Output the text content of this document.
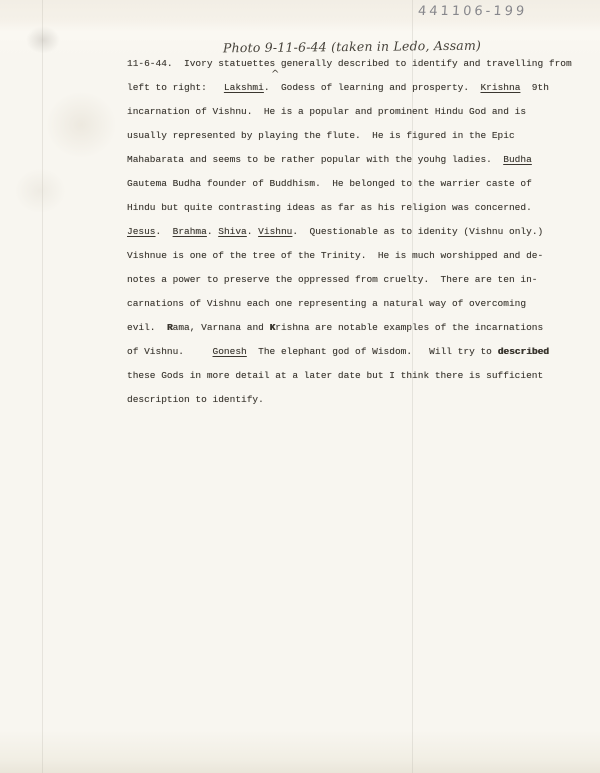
441106-199
Photo 9-11-6-44 (taken in Ledo, Assam)
^

11-6-44.  Ivory statuettes generally described to identify and travelling from

left to right:   Lakshmi.  Godess of learning and prosperty.  Krishna  9th

incarnation of Vishnu.  He is a popular and prominent Hindu God and is

usually represented by playing the flute.  He is figured in the Epic

Mahabarata and seems to be rather popular with the youhg ladies.  Budha

Gautema Budha founder of Buddhism.  He belonged to the warrier caste of

Hindu but quite contrasting ideas as far as his religion was concerned.

Jesus.  Brahma. Shiva. Vishnu.  Questionable as to idenity (Vishnu only.)

Vishnue is one of the tree of the Trinity.  He is much worshipped and de-

notes a power to preserve the oppressed from cruelty.  There are ten in-

carnations of Vishnu each one representing a natural way of overcoming

evil.  Rama, Varnana and Krishna are notable examples of the incarnations

of Vishnu.     Gonesh  The elephant god of Wisdom.   Will try to described

these Gods in more detail at a later date but I think there is sufficient

description to identify.
